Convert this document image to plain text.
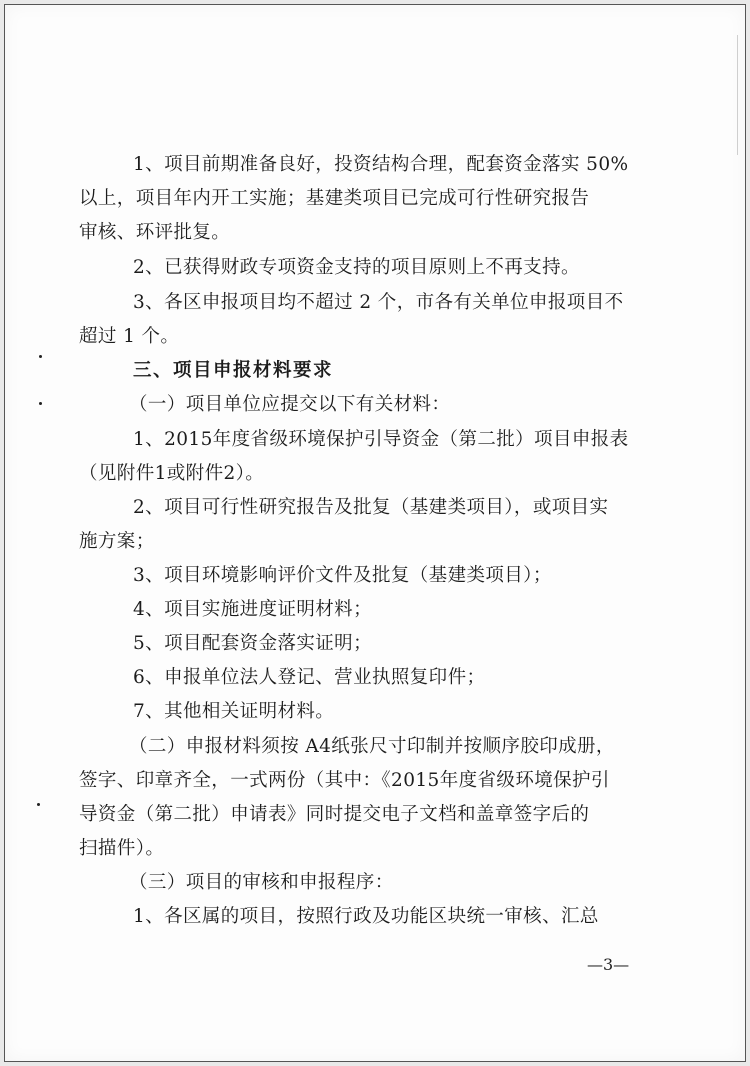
1、项目前期准备良好，投资结构合理，配套资金落实 50%
以上，项目年内开工实施；基建类项目已完成可行性研究报告
审核、环评批复。
2、已获得财政专项资金支持的项目原则上不再支持。
3、各区申报项目均不超过 2 个，市各有关单位申报项目不
超过 1 个。
三、项目申报材料要求
（一）项目单位应提交以下有关材料：
1、2015年度省级环境保护引导资金（第二批）项目申报表
（见附件1或附件2）。
2、项目可行性研究报告及批复（基建类项目），或项目实
施方案；
3、项目环境影响评价文件及批复（基建类项目）；
4、项目实施进度证明材料；
5、项目配套资金落实证明；
6、申报单位法人登记、营业执照复印件；
7、其他相关证明材料。
（二）申报材料须按 A4纸张尺寸印制并按顺序胶印成册，
签字、印章齐全，一式两份（其中：《2015年度省级环境保护引
导资金（第二批）申请表》同时提交电子文档和盖章签字后的
扫描件）。
（三）项目的审核和申报程序：
1、各区属的项目，按照行政及功能区块统一审核、汇总
—3—
